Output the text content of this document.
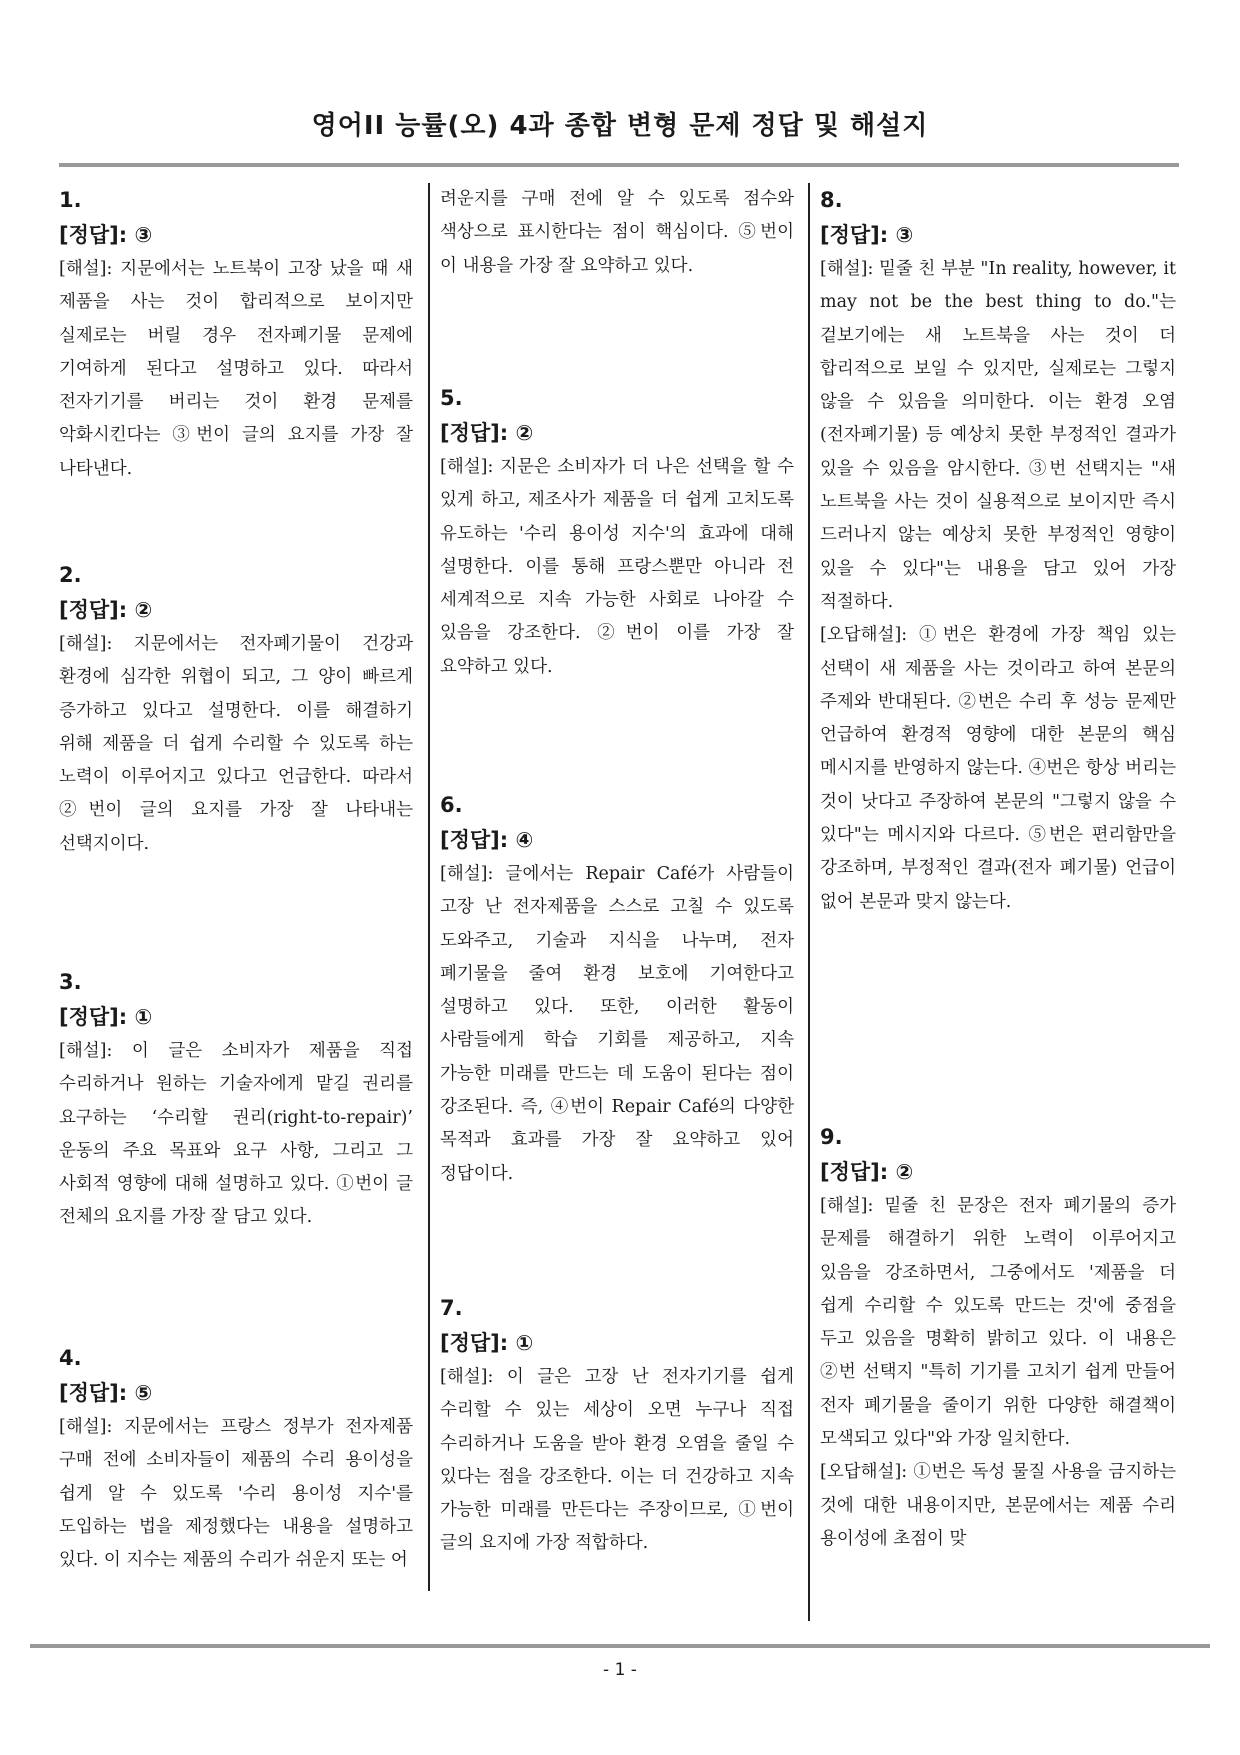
영어II 능률(오) 4과 종합 변형 문제 정답 및 해설지
1.
[정답]: ③

[해설]: 지문에서는 노트북이 고장 났을 때 새 제품을 사는 것이 합리적으로 보이지만 실제로는 버릴 경우 전자폐기물 문제에 기여하게 된다고 설명하고 있다. 따라서 전자기기를 버리는 것이 환경 문제를 악화시킨다는 ③번이 글의 요지를 가장 잘 나타낸다.

2.
[정답]: ②

[해설]: 지문에서는 전자폐기물이 건강과 환경에 심각한 위협이 되고, 그 양이 빠르게 증가하고 있다고 설명한다. 이를 해결하기 위해 제품을 더 쉽게 수리할 수 있도록 하는 노력이 이루어지고 있다고 언급한다. 따라서 ②번이 글의 요지를 가장 잘 나타내는 선택지이다.

3.
[정답]: ①

[해설]: 이 글은 소비자가 제품을 직접 수리하거나 원하는 기술자에게 맡길 권리를 요구하는 ‘수리할 권리(right-to-repair)’ 운동의 주요 목표와 요구 사항, 그리고 그 사회적 영향에 대해 설명하고 있다. ①번이 글 전체의 요지를 가장 잘 담고 있다.

4.
[정답]: ⑤

[해설]: 지문에서는 프랑스 정부가 전자제품 구매 전에 소비자들이 제품의 수리 용이성을 쉽게 알 수 있도록 '수리 용이성 지수'를 도입하는 법을 제정했다는 내용을 설명하고 있다. 이 지수는 제품의 수리가 쉬운지 또는 어

려운지를 구매 전에 알 수 있도록 점수와 색상으로 표시한다는 점이 핵심이다. ⑤번이 이 내용을 가장 잘 요약하고 있다.

5.
[정답]: ②

[해설]: 지문은 소비자가 더 나은 선택을 할 수 있게 하고, 제조사가 제품을 더 쉽게 고치도록 유도하는 '수리 용이성 지수'의 효과에 대해 설명한다. 이를 통해 프랑스뿐만 아니라 전 세계적으로 지속 가능한 사회로 나아갈 수 있음을 강조한다. ②번이 이를 가장 잘 요약하고 있다.

6.
[정답]: ④

[해설]: 글에서는 Repair Café가 사람들이 고장 난 전자제품을 스스로 고칠 수 있도록 도와주고, 기술과 지식을 나누며, 전자 폐기물을 줄여 환경 보호에 기여한다고 설명하고 있다. 또한, 이러한 활동이 사람들에게 학습 기회를 제공하고, 지속 가능한 미래를 만드는 데 도움이 된다는 점이 강조된다. 즉, ④번이 Repair Café의 다양한 목적과 효과를 가장 잘 요약하고 있어 정답이다.

7.
[정답]: ①

[해설]: 이 글은 고장 난 전자기기를 쉽게 수리할 수 있는 세상이 오면 누구나 직접 수리하거나 도움을 받아 환경 오염을 줄일 수 있다는 점을 강조한다. 이는 더 건강하고 지속 가능한 미래를 만든다는 주장이므로, ①번이 글의 요지에 가장 적합하다.

8.
[정답]: ③

[해설]: 밑줄 친 부분 "In reality, however, it may not be the best thing to do."는 겉보기에는 새 노트북을 사는 것이 더 합리적으로 보일 수 있지만, 실제로는 그렇지 않을 수 있음을 의미한다. 이는 환경 오염(전자폐기물) 등 예상치 못한 부정적인 결과가 있을 수 있음을 암시한다. ③번 선택지는 "새 노트북을 사는 것이 실용적으로 보이지만 즉시 드러나지 않는 예상치 못한 부정적인 영향이 있을 수 있다"는 내용을 담고 있어 가장 적절하다.

[오답해설]: ①번은 환경에 가장 책임 있는 선택이 새 제품을 사는 것이라고 하여 본문의 주제와 반대된다. ②번은 수리 후 성능 문제만 언급하여 환경적 영향에 대한 본문의 핵심 메시지를 반영하지 않는다. ④번은 항상 버리는 것이 낫다고 주장하여 본문의 "그렇지 않을 수 있다"는 메시지와 다르다. ⑤번은 편리함만을 강조하며, 부정적인 결과(전자 폐기물) 언급이 없어 본문과 맞지 않는다.

9.
[정답]: ②

[해설]: 밑줄 친 문장은 전자 폐기물의 증가 문제를 해결하기 위한 노력이 이루어지고 있음을 강조하면서, 그중에서도 '제품을 더 쉽게 수리할 수 있도록 만드는 것'에 중점을 두고 있음을 명확히 밝히고 있다. 이 내용은 ②번 선택지 "특히 기기를 고치기 쉽게 만들어 전자 폐기물을 줄이기 위한 다양한 해결책이 모색되고 있다"와 가장 일치한다.

[오답해설]: ①번은 독성 물질 사용을 금지하는 것에 대한 내용이지만, 본문에서는 제품 수리 용이성에 초점이 맞

- 1 -
